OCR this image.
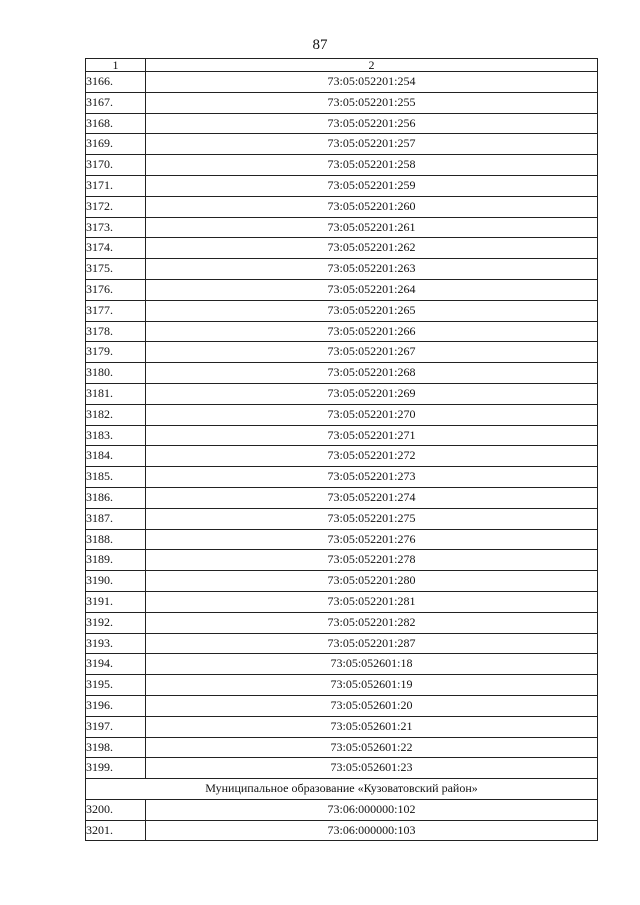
87
1	2
3166.	73:05:052201:254
3167.	73:05:052201:255
3168.	73:05:052201:256
3169.	73:05:052201:257
3170.	73:05:052201:258
3171.	73:05:052201:259
3172.	73:05:052201:260
3173.	73:05:052201:261
3174.	73:05:052201:262
3175.	73:05:052201:263
3176.	73:05:052201:264
3177.	73:05:052201:265
3178.	73:05:052201:266
3179.	73:05:052201:267
3180.	73:05:052201:268
3181.	73:05:052201:269
3182.	73:05:052201:270
3183.	73:05:052201:271
3184.	73:05:052201:272
3185.	73:05:052201:273
3186.	73:05:052201:274
3187.	73:05:052201:275
3188.	73:05:052201:276
3189.	73:05:052201:278
3190.	73:05:052201:280
3191.	73:05:052201:281
3192.	73:05:052201:282
3193.	73:05:052201:287
3194.	73:05:052601:18
3195.	73:05:052601:19
3196.	73:05:052601:20
3197.	73:05:052601:21
3198.	73:05:052601:22
3199.	73:05:052601:23
Муниципальное образование «Кузоватовский район»	
3200.	73:06:000000:102
3201.	73:06:000000:103
